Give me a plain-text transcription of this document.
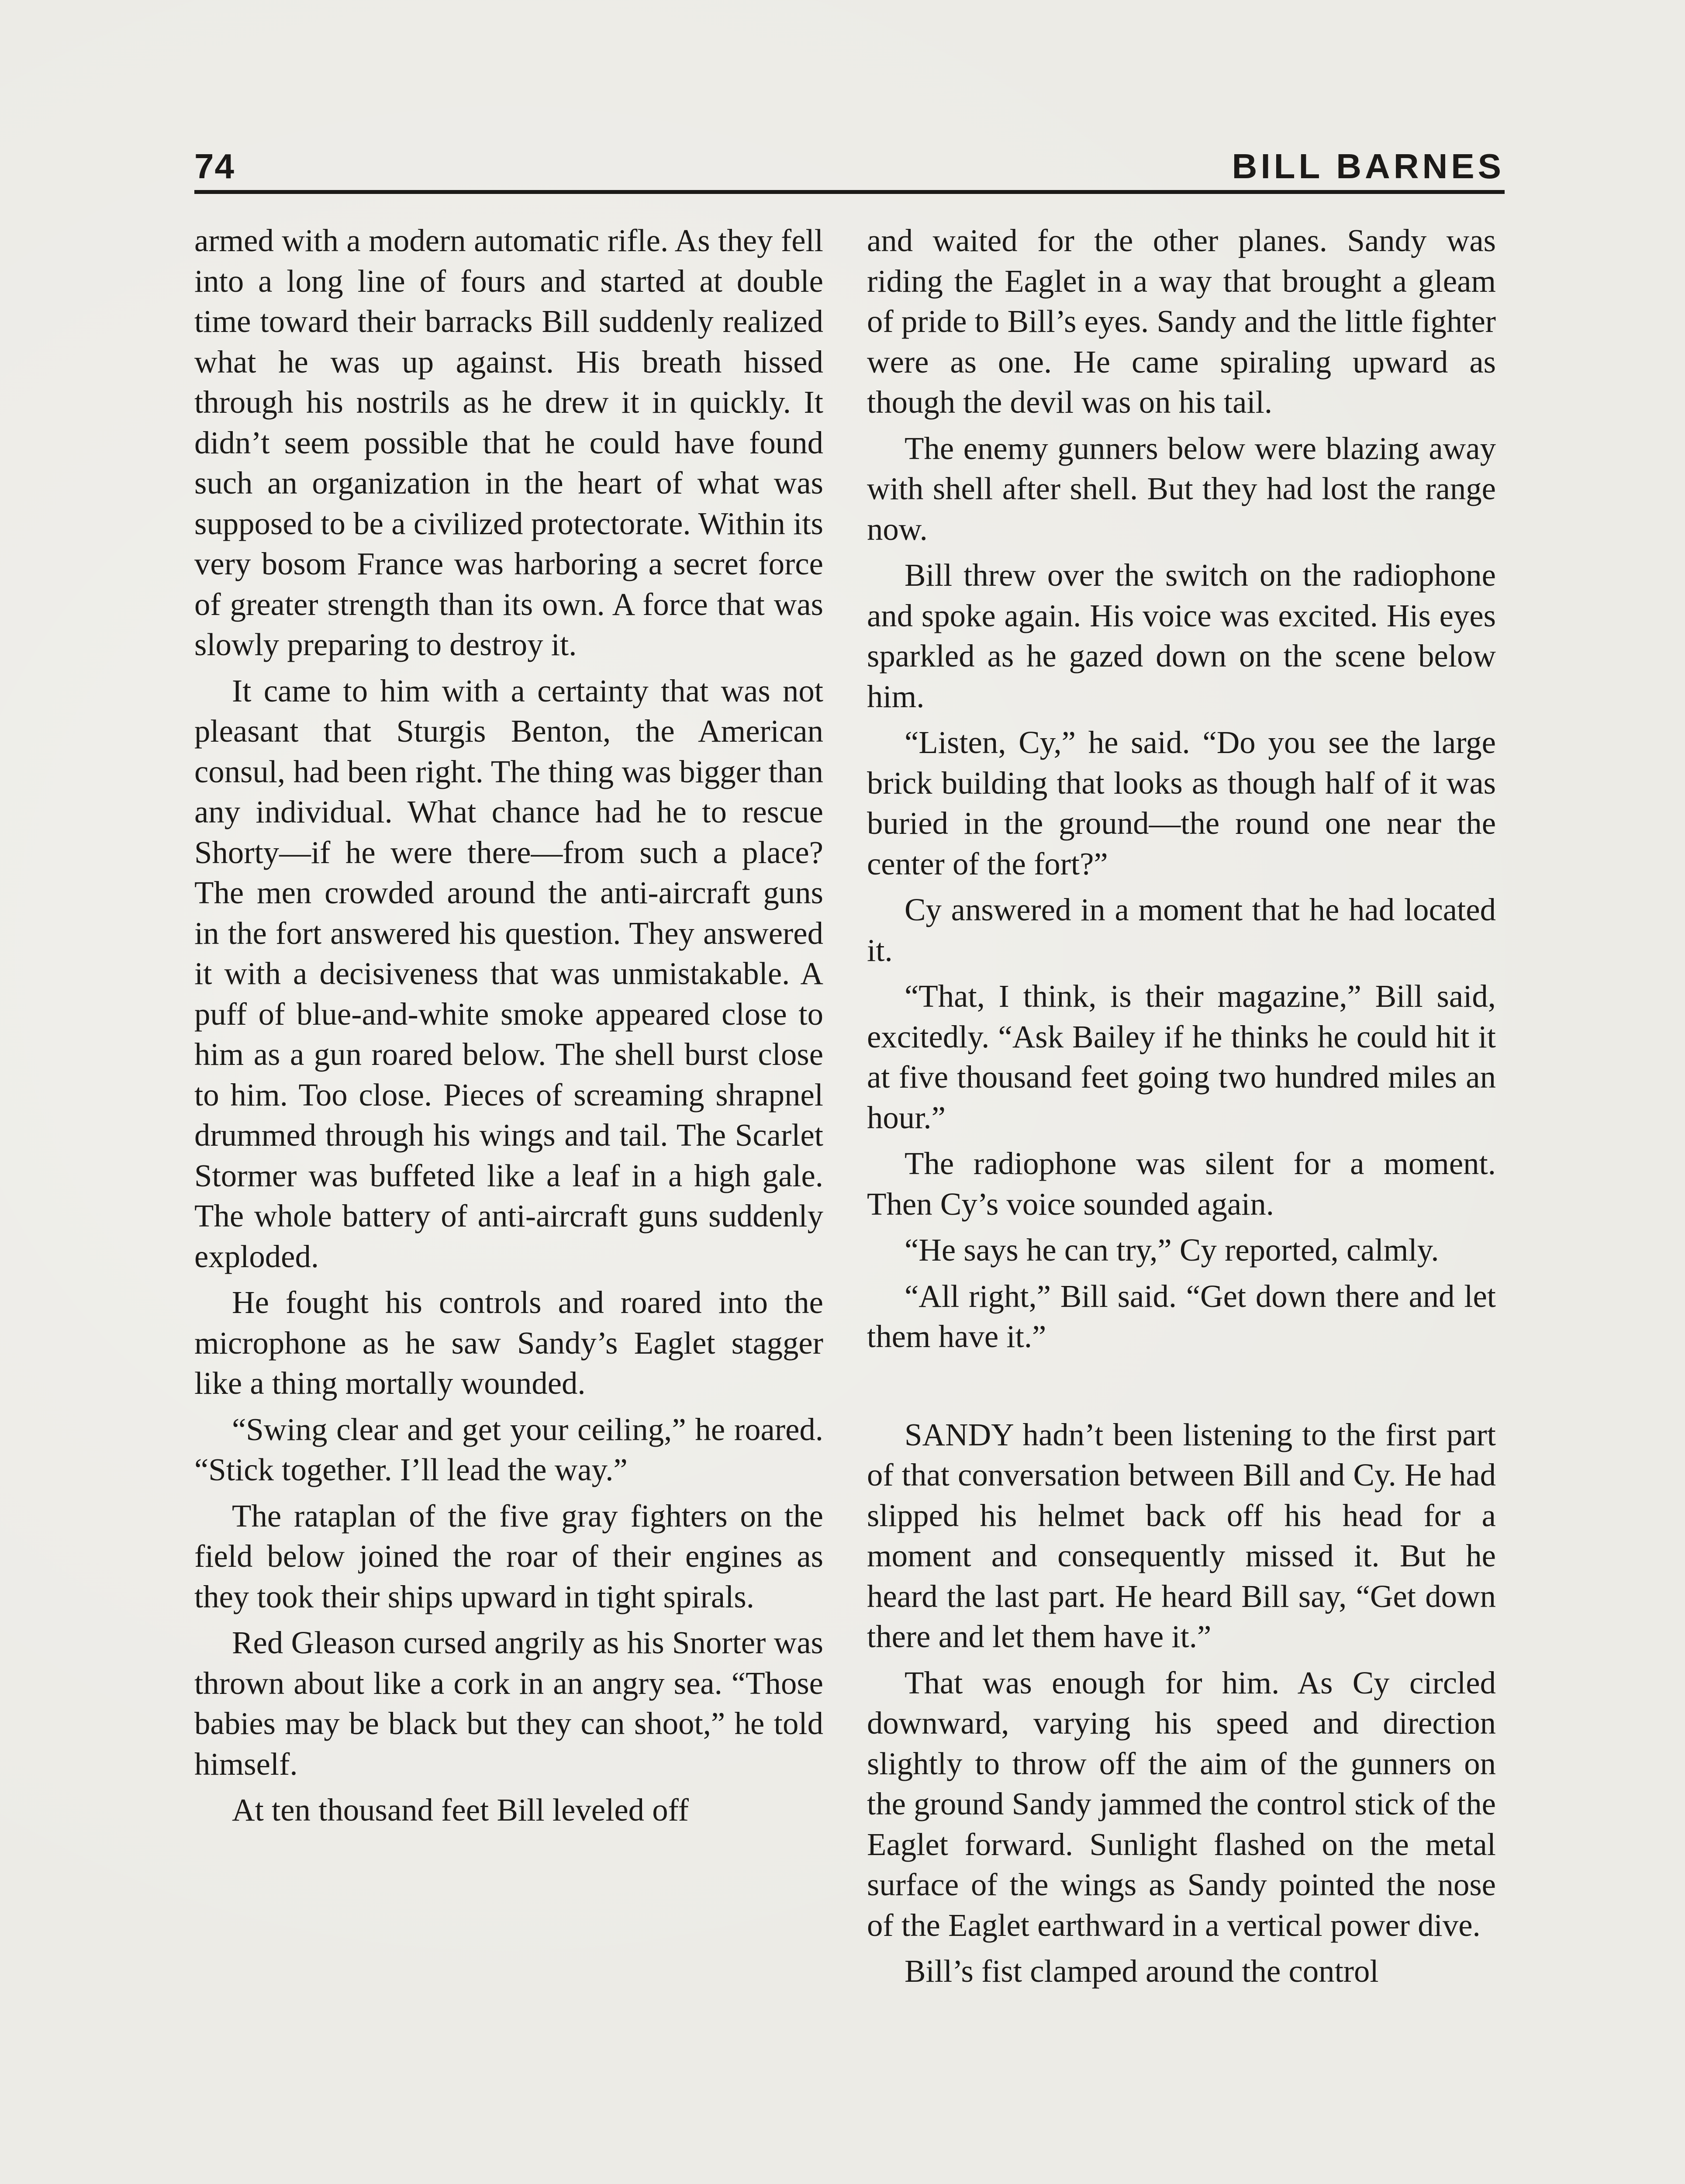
74	BILL BARNES

armed with a modern automatic rifle. As they fell into a long line of fours and started at double time toward their barracks Bill suddenly realized what he was up against. His breath hissed through his nostrils as he drew it in quickly. It didn’t seem possible that he could have found such an organization in the heart of what was supposed to be a civilized protectorate. Within its very bosom France was harboring a secret force of greater strength than its own. A force that was slowly preparing to destroy it.

It came to him with a certainty that was not pleasant that Sturgis Benton, the American consul, had been right. The thing was bigger than any individual. What chance had he to rescue Shorty—if he were there—from such a place? The men crowded around the anti-aircraft guns in the fort answered his question. They answered it with a decisiveness that was unmistakable. A puff of blue-and-white smoke appeared close to him as a gun roared below. The shell burst close to him. Too close. Pieces of screaming shrapnel drummed through his wings and tail. The Scarlet Stormer was buffeted like a leaf in a high gale. The whole battery of anti-aircraft guns suddenly exploded.

He fought his controls and roared into the microphone as he saw Sandy’s Eaglet stagger like a thing mortally wounded.

“Swing clear and get your ceiling,” he roared. “Stick together. I’ll lead the way.”

The rataplan of the five gray fighters on the field below joined the roar of their engines as they took their ships upward in tight spirals.

Red Gleason cursed angrily as his Snorter was thrown about like a cork in an angry sea. “Those babies may be black but they can shoot,” he told himself.

At ten thousand feet Bill leveled off

and waited for the other planes. Sandy was riding the Eaglet in a way that brought a gleam of pride to Bill’s eyes. Sandy and the little fighter were as one. He came spiraling upward as though the devil was on his tail.

The enemy gunners below were blazing away with shell after shell. But they had lost the range now.

Bill threw over the switch on the radiophone and spoke again. His voice was excited. His eyes sparkled as he gazed down on the scene below him.

“Listen, Cy,” he said. “Do you see the large brick building that looks as though half of it was buried in the ground—the round one near the center of the fort?”

Cy answered in a moment that he had located it.

“That, I think, is their magazine,” Bill said, excitedly. “Ask Bailey if he thinks he could hit it at five thousand feet going two hundred miles an hour.”

The radiophone was silent for a moment. Then Cy’s voice sounded again.

“He says he can try,” Cy reported, calmly.

“All right,” Bill said. “Get down there and let them have it.”

SANDY hadn’t been listening to the first part of that conversation between Bill and Cy. He had slipped his helmet back off his head for a moment and consequently missed it. But he heard the last part. He heard Bill say, “Get down there and let them have it.”

That was enough for him. As Cy circled downward, varying his speed and direction slightly to throw off the aim of the gunners on the ground Sandy jammed the control stick of the Eaglet forward. Sunlight flashed on the metal surface of the wings as Sandy pointed the nose of the Eaglet earthward in a vertical power dive.

Bill’s fist clamped around the control
